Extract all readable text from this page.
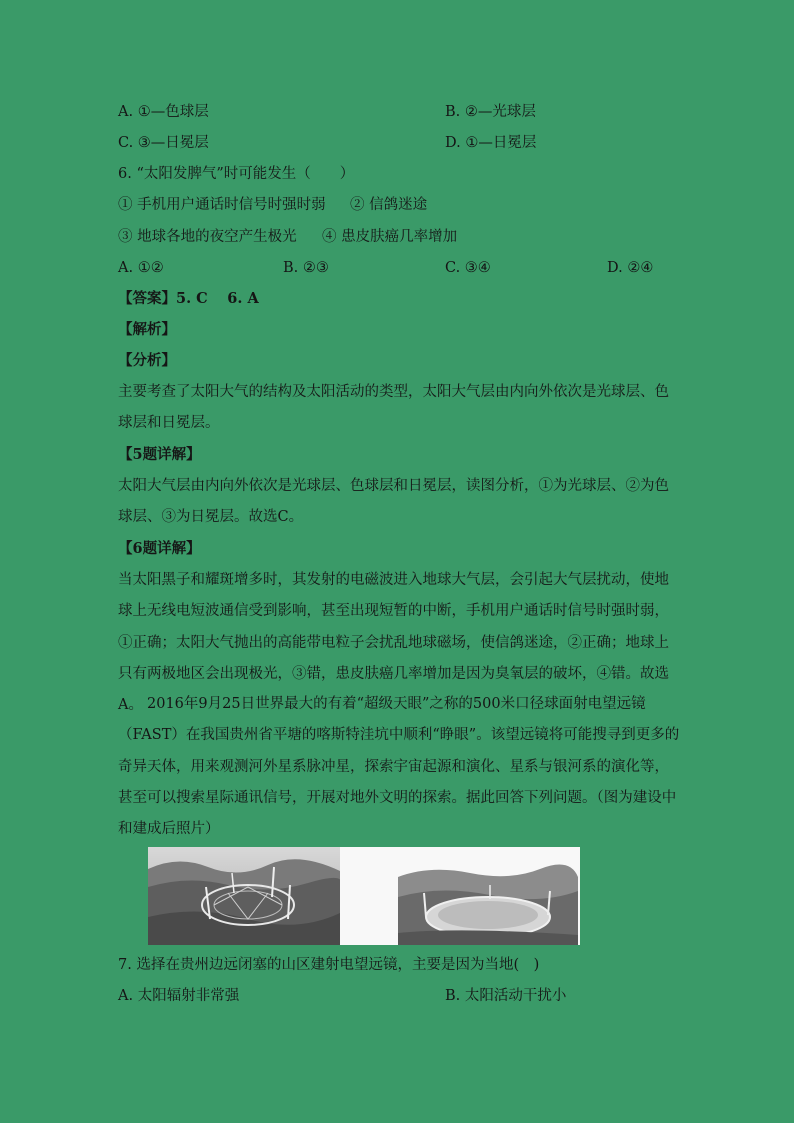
A. ①—色球层	B. ②—光球层
C. ③—日冕层	D. ①—日冕层
6. “太阳发脾气”时可能发生（　　）
① 手机用户通话时信号时强时弱 ② 信鸽迷途
③ 地球各地的夜空产生极光 ④ 患皮肤癌几率增加
A. ①②	B. ②③	C. ③④	D. ②④
【答案】5. C　 6. A
【解析】
【分析】
主要考查了太阳大气的结构及太阳活动的类型，太阳大气层由内向外依次是光球层、色球层和日冕层。
【5题详解】
太阳大气层由内向外依次是光球层、色球层和日冕层，读图分析，①为光球层、②为色球层、③为日冕层。故选C。
【6题详解】
当太阳黑子和耀斑增多时，其发射的电磁波进入地球大气层，会引起大气层扰动，使地球上无线电短波通信受到影响，甚至出现短暂的中断，手机用户通话时信号时强时弱，①正确；太阳大气抛出的高能带电粒子会扰乱地球磁场，使信鸽迷途，②正确；地球上只有两极地区会出现极光，③错，患皮肤癌几率增加是因为臭氧层的破坏，④错。故选A。 2016年9月25日世界最大的有着“超级天眼”之称的500米口径球面射电望远镜（FAST）在我国贵州省平塘的喀斯特洼坑中顺利“睁眼”。该望远镜将可能搜寻到更多的奇异天体，用来观测河外星系脉冲星，探索宇宙起源和演化、星系与银河系的演化等，甚至可以搜索星际通讯信号，开展对地外文明的探索。据此回答下列问题。（图为建设中和建成后照片）
7. 选择在贵州边远闭塞的山区建射电望远镜，主要是因为当地(　)
A. 太阳辐射非常强	B. 太阳活动干扰小
